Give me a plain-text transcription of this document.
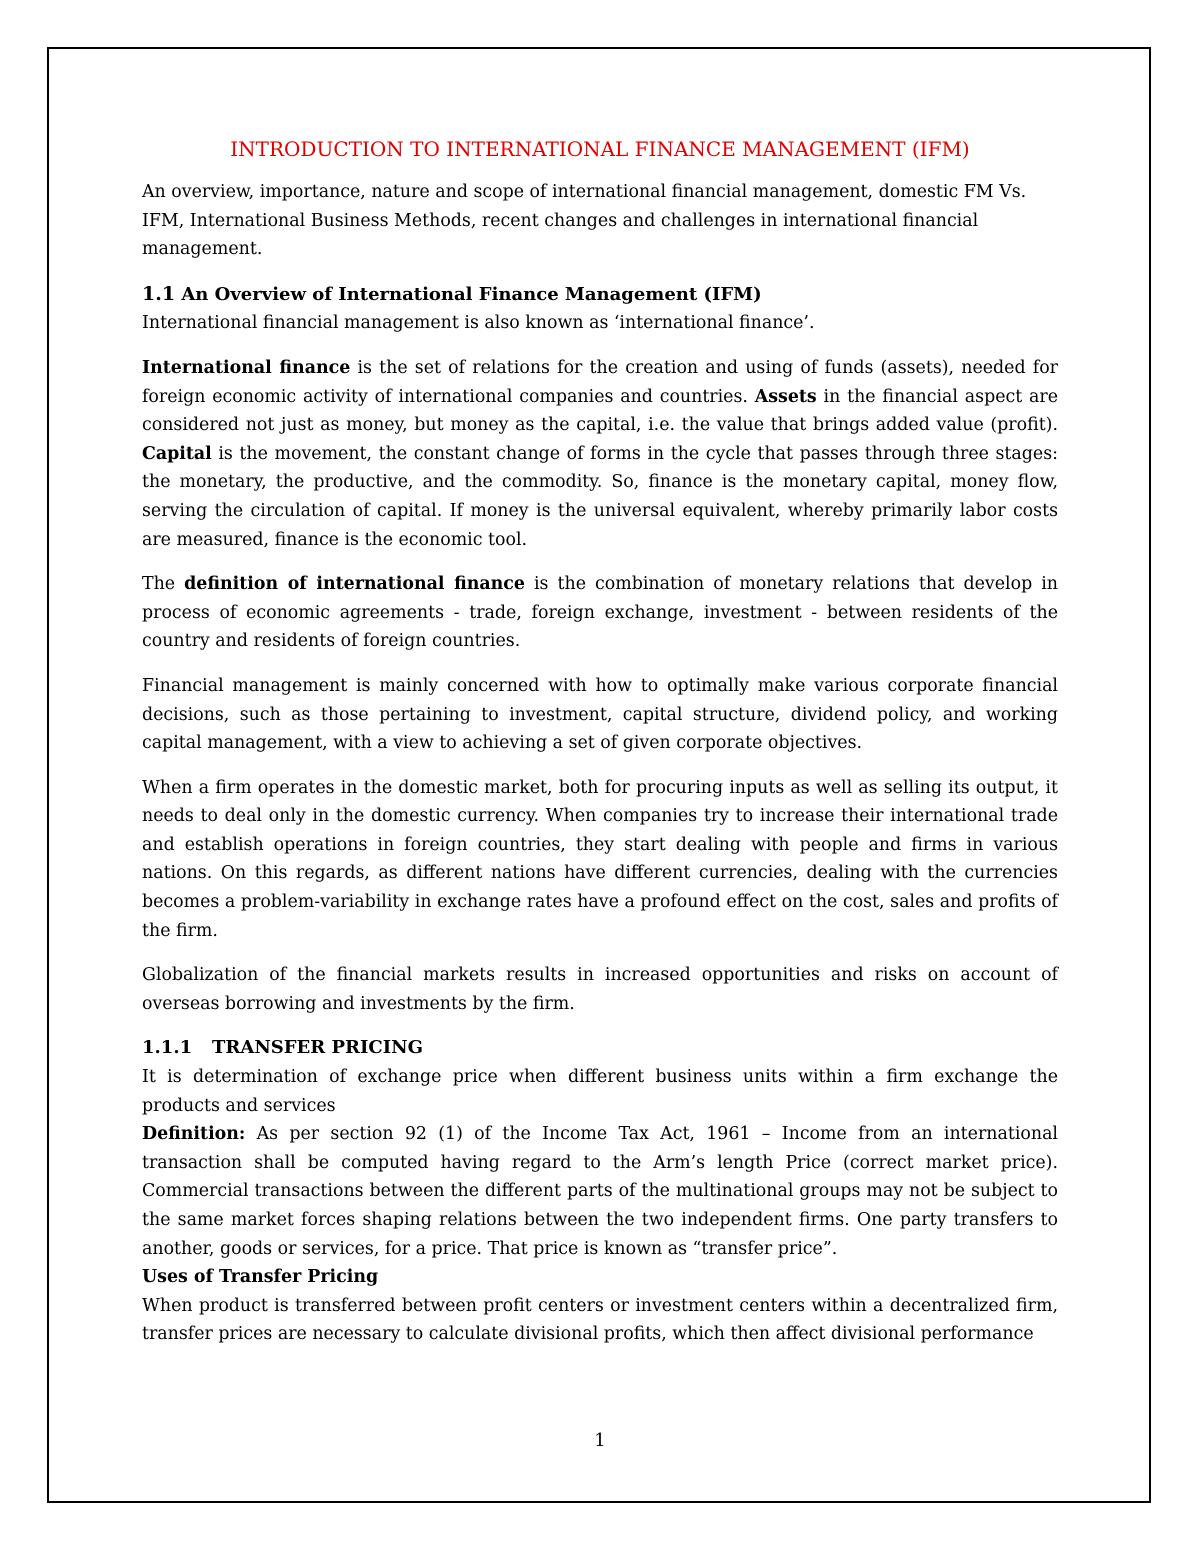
INTRODUCTION TO INTERNATIONAL FINANCE MANAGEMENT (IFM)

An overview, importance, nature and scope of international financial management, domestic FM Vs. IFM, International Business Methods, recent changes and challenges in international financial management.

1.1 An Overview of International Finance Management (IFM)

International financial management is also known as ‘international finance’.

International finance is the set of relations for the creation and using of funds (assets), needed for foreign economic activity of international companies and countries. Assets in the financial aspect are considered not just as money, but money as the capital, i.e. the value that brings added value (profit). Capital is the movement, the constant change of forms in the cycle that passes through three stages: the monetary, the productive, and the commodity. So, finance is the monetary capital, money flow, serving the circulation of capital. If money is the universal equivalent, whereby primarily labor costs are measured, finance is the economic tool.

The definition of international finance is the combination of monetary relations that develop in process of economic agreements - trade, foreign exchange, investment - between residents of the country and residents of foreign countries.

Financial management is mainly concerned with how to optimally make various corporate financial decisions, such as those pertaining to investment, capital structure, dividend policy, and working capital management, with a view to achieving a set of given corporate objectives.

When a firm operates in the domestic market, both for procuring inputs as well as selling its output, it needs to deal only in the domestic currency. When companies try to increase their international trade and establish operations in foreign countries, they start dealing with people and firms in various nations. On this regards, as different nations have different currencies, dealing with the currencies becomes a problem-variability in exchange rates have a profound effect on the cost, sales and profits of the firm.

Globalization of the financial markets results in increased opportunities and risks on account of overseas borrowing and investments by the firm.

1.1.1 TRANSFER PRICING

It is determination of exchange price when different business units within a firm exchange the products and services

Definition: As per section 92 (1) of the Income Tax Act, 1961 – Income from an international transaction shall be computed having regard to the Arm’s length Price (correct market price). Commercial transactions between the different parts of the multinational groups may not be subject to the same market forces shaping relations between the two independent firms. One party transfers to another, goods or services, for a price. That price is known as “transfer price”.

Uses of Transfer Pricing

When product is transferred between profit centers or investment centers within a decentralized firm, transfer prices are necessary to calculate divisional profits, which then affect divisional performance

1
